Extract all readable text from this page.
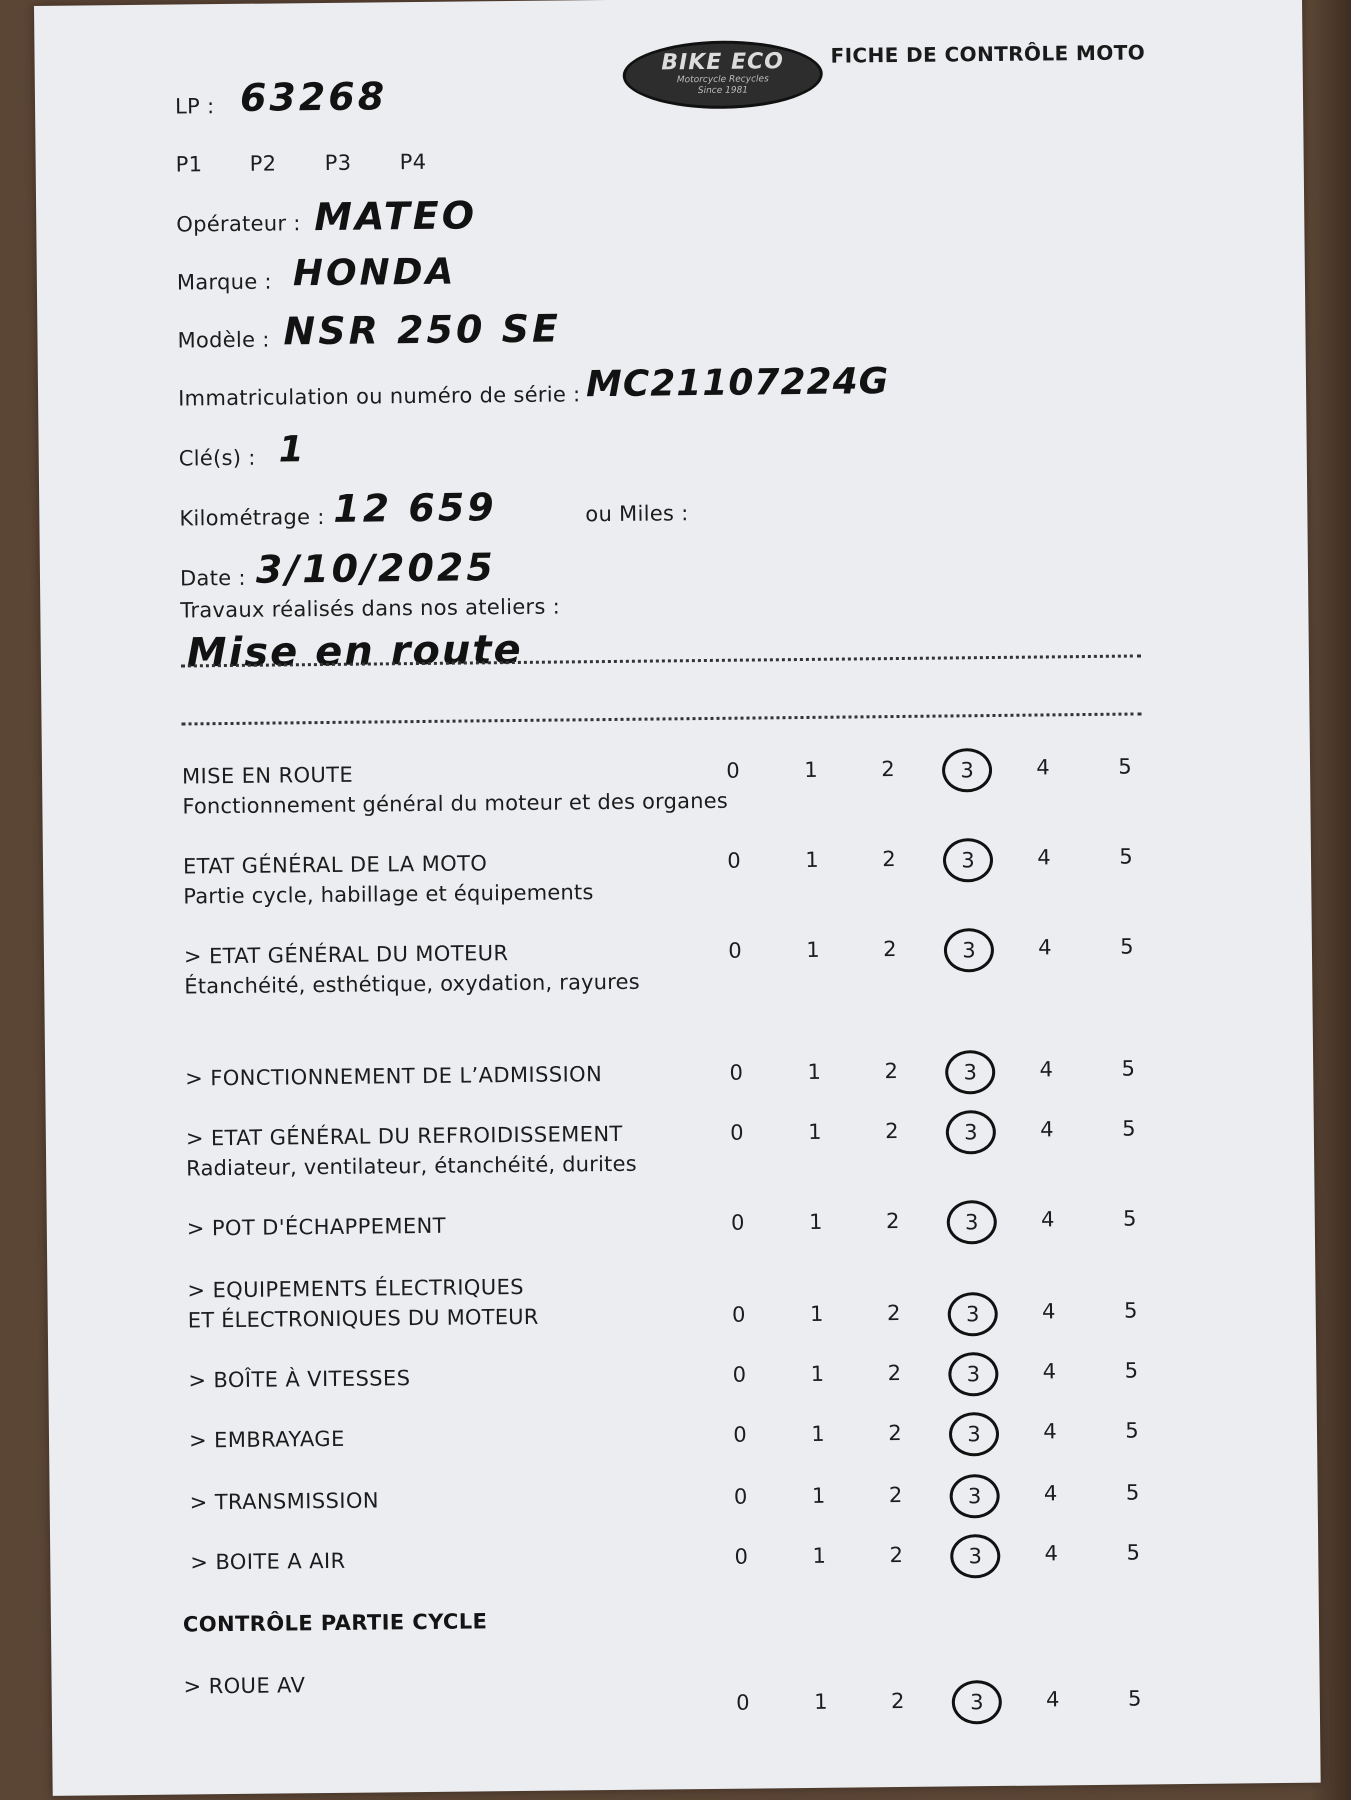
BIKE ECO
Motorcycle Recycles
Since 1981
FICHE DE CONTRÔLE MOTO
LP : 63268
P1 P2 P3 P4
Opérateur : MATEO
Marque : HONDA
Modèle : NSR 250 SE
Immatriculation ou numéro de série : MC21107224G
Clé(s) : 1
Kilométrage : 12 659	ou Miles :
Date : 3/10/2025
Travaux réalisés dans nos ateliers :
Mise en route
MISE EN ROUTE
Fonctionnement général du moteur et des organes
0	1	2	3	4	5
ETAT GÉNÉRAL DE LA MOTO
Partie cycle, habillage et équipements
0	1	2	3	4	5
> ETAT GÉNÉRAL DU MOTEUR
Étanchéité, esthétique, oxydation, rayures
0	1	2	3	4	5
> FONCTIONNEMENT DE L’ADMISSION	0	1	2	3	4	5
> ETAT GÉNÉRAL DU REFROIDISSEMENT
Radiateur, ventilateur, étanchéité, durites
0	1	2	3	4	5
> POT D'ÉCHAPPEMENT	0	1	2	3	4	5
> EQUIPEMENTS ÉLECTRIQUES
ET ÉLECTRONIQUES DU MOTEUR	0	1	2	3	4	5
> BOÎTE À VITESSES	0	1	2	3	4	5
> EMBRAYAGE	0	1	2	3	4	5
> TRANSMISSION	0	1	2	3	4	5
> BOITE A AIR	0	1	2	3	4	5
CONTRÔLE PARTIE CYCLE
> ROUE AV
0	1	2	3	4	5
